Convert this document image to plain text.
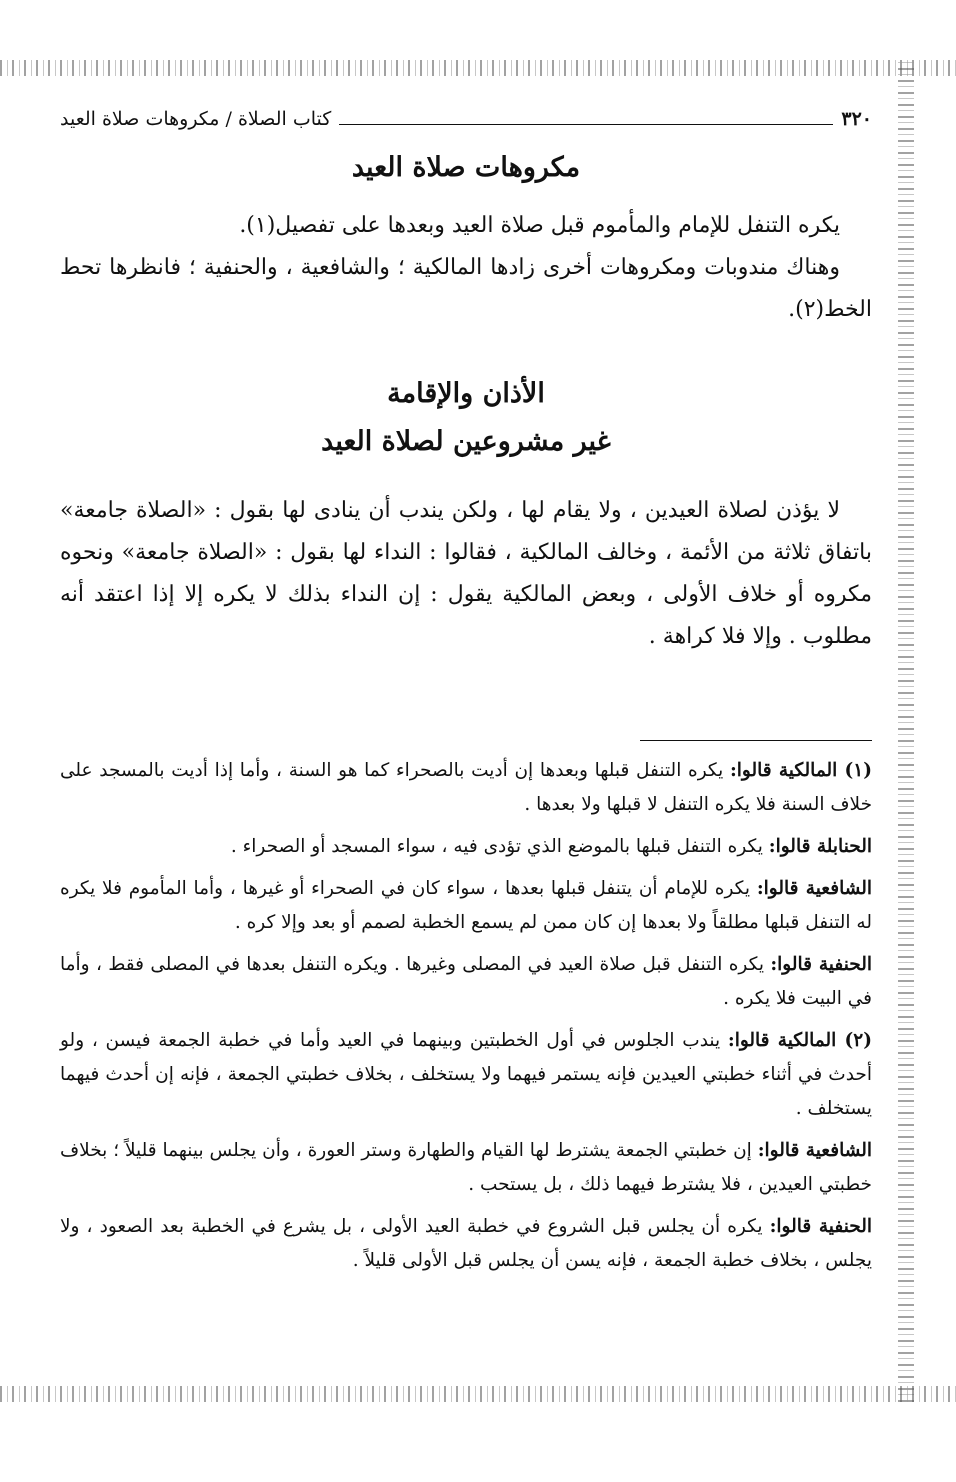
٣٢٠
كتاب الصلاة / مكروهات صلاة العيد
مكروهات صلاة العيد

يكره التنفل للإمام والمأموم قبل صلاة العيد وبعدها على تفصيل(١).

وهناك مندوبات ومكروهات أخرى زادها المالكية ؛ والشافعية ، والحنفية ؛ فانظرها تحط الخط(٢).

الأذان والإقامة
غير مشروعين لصلاة العيد

لا يؤذن لصلاة العيدين ، ولا يقام لها ، ولكن يندب أن ينادى لها بقول : «الصلاة جامعة» باتفاق ثلاثة من الأئمة ، وخالف المالكية ، فقالوا : النداء لها بقول : «الصلاة جامعة» ونحوه مكروه أو خلاف الأولى ، وبعض المالكية يقول : إن النداء بذلك لا يكره إلا إذا اعتقد أنه مطلوب . وإلا فلا كراهة .

(١) المالكية قالوا: يكره التنفل قبلها وبعدها إن أديت بالصحراء كما هو السنة ، وأما إذا أديت بالمسجد على خلاف السنة فلا يكره التنفل لا قبلها ولا بعدها .

الحنابلة قالوا: يكره التنفل قبلها بالموضع الذي تؤدى فيه ، سواء المسجد أو الصحراء .

الشافعية قالوا: يكره للإمام أن يتنفل قبلها بعدها ، سواء كان في الصحراء أو غيرها ، وأما المأموم فلا يكره له التنفل قبلها مطلقاً ولا بعدها إن كان ممن لم يسمع الخطبة لصمم أو بعد وإلا كره .

الحنفية قالوا: يكره التنفل قبل صلاة العيد في المصلى وغيرها . ويكره التنفل بعدها في المصلى فقط ، وأما في البيت فلا يكره .

(٢) المالكية قالوا: يندب الجلوس في أول الخطبتين وبينهما في العيد وأما في خطبة الجمعة فيسن ، ولو أحدث في أثناء خطبتي العيدين فإنه يستمر فيهما ولا يستخلف ، بخلاف خطبتي الجمعة ، فإنه إن أحدث فيهما يستخلف .

الشافعية قالوا: إن خطبتي الجمعة يشترط لها القيام والطهارة وستر العورة ، وأن يجلس بينهما قليلاً ؛ بخلاف خطبتي العيدين ، فلا يشترط فيهما ذلك ، بل يستحب .

الحنفية قالوا: يكره أن يجلس قبل الشروع في خطبة العيد الأولى ، بل يشرع في الخطبة بعد الصعود ، ولا يجلس ، بخلاف خطبة الجمعة ، فإنه يسن أن يجلس قبل الأولى قليلاً .
